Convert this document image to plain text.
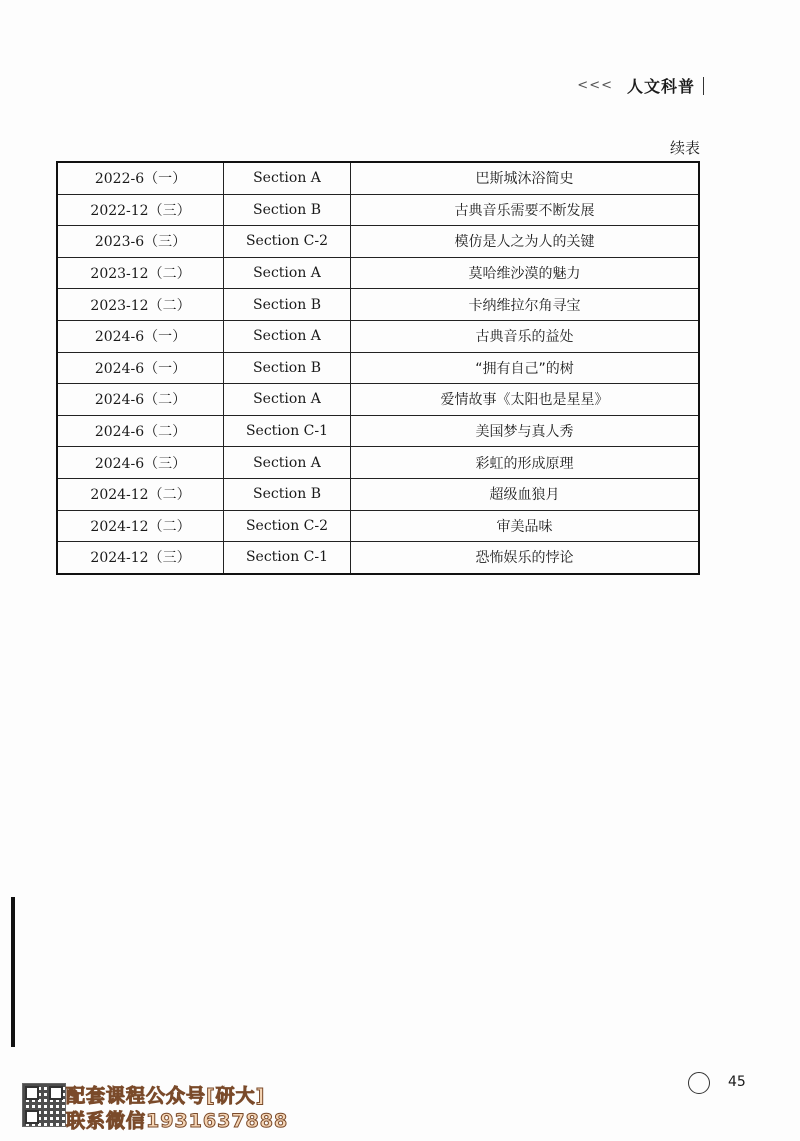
<<< 人文科普
续表
2022-6（一）	Section A	巴斯城沐浴简史
2022-12（三）	Section B	古典音乐需要不断发展
2023-6（三）	Section C-2	模仿是人之为人的关键
2023-12（二）	Section A	莫哈维沙漠的魅力
2023-12（二）	Section B	卡纳维拉尔角寻宝
2024-6（一）	Section A	古典音乐的益处
2024-6（一）	Section B	“拥有自己”的树
2024-6（二）	Section A	爱情故事《太阳也是星星》
2024-6（二）	Section C-1	美国梦与真人秀
2024-6（三）	Section A	彩虹的形成原理
2024-12（二）	Section B	超级血狼月
2024-12（二）	Section C-2	审美品味
2024-12（三）	Section C-1	恐怖娱乐的悖论
45
配套课程公众号[研大]
联系微信1931637888
